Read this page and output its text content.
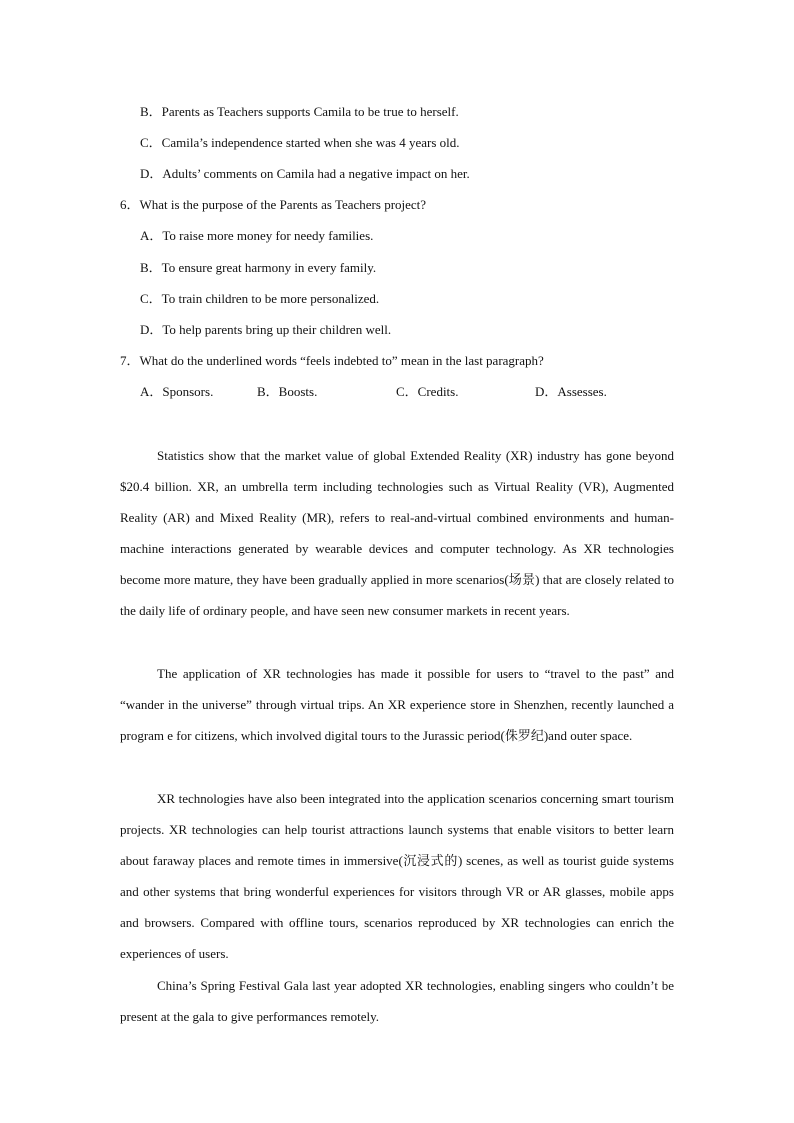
B．Parents as Teachers supports Camila to be true to herself.
C．Camila’s independence started when she was 4 years old.
D．Adults’ comments on Camila had a negative impact on her.
6．What is the purpose of the Parents as Teachers project?
A．To raise more money for needy families.
B．To ensure great harmony in every family.
C．To train children to be more personalized.
D．To help parents bring up their children well.
7．What do the underlined words “feels indebted to” mean in the last paragraph?
A．Sponsors.	B．Boosts.	C．Credits.	D．Assesses.

Statistics show that the market value of global Extended Reality (XR) industry has gone beyond $20.4 billion. XR, an umbrella term including technologies such as Virtual Reality (VR), Augmented Reality (AR) and Mixed Reality (MR), refers to real-and-virtual combined environments and human-machine interactions generated by wearable devices and computer technology. As XR technologies become more mature, they have been gradually applied in more scenarios(场景) that are closely related to the daily life of ordinary people, and have seen new consumer markets in recent years.

The application of XR technologies has made it possible for users to “travel to the past” and “wander in the universe” through virtual trips. An XR experience store in Shenzhen, recently launched a program e for citizens, which involved digital tours to the Jurassic period(侏罗纪)and outer space.

XR technologies have also been integrated into the application scenarios concerning smart tourism projects. XR technologies can help tourist attractions launch systems that enable visitors to better learn about faraway places and remote times in immersive(沉浸式的) scenes, as well as tourist guide systems and other systems that bring wonderful experiences for visitors through VR or AR glasses, mobile apps and browsers. Compared with offline tours, scenarios reproduced by XR technologies can enrich the experiences of users.

China’s Spring Festival Gala last year adopted XR technologies, enabling singers who couldn’t be present at the gala to give performances remotely.
